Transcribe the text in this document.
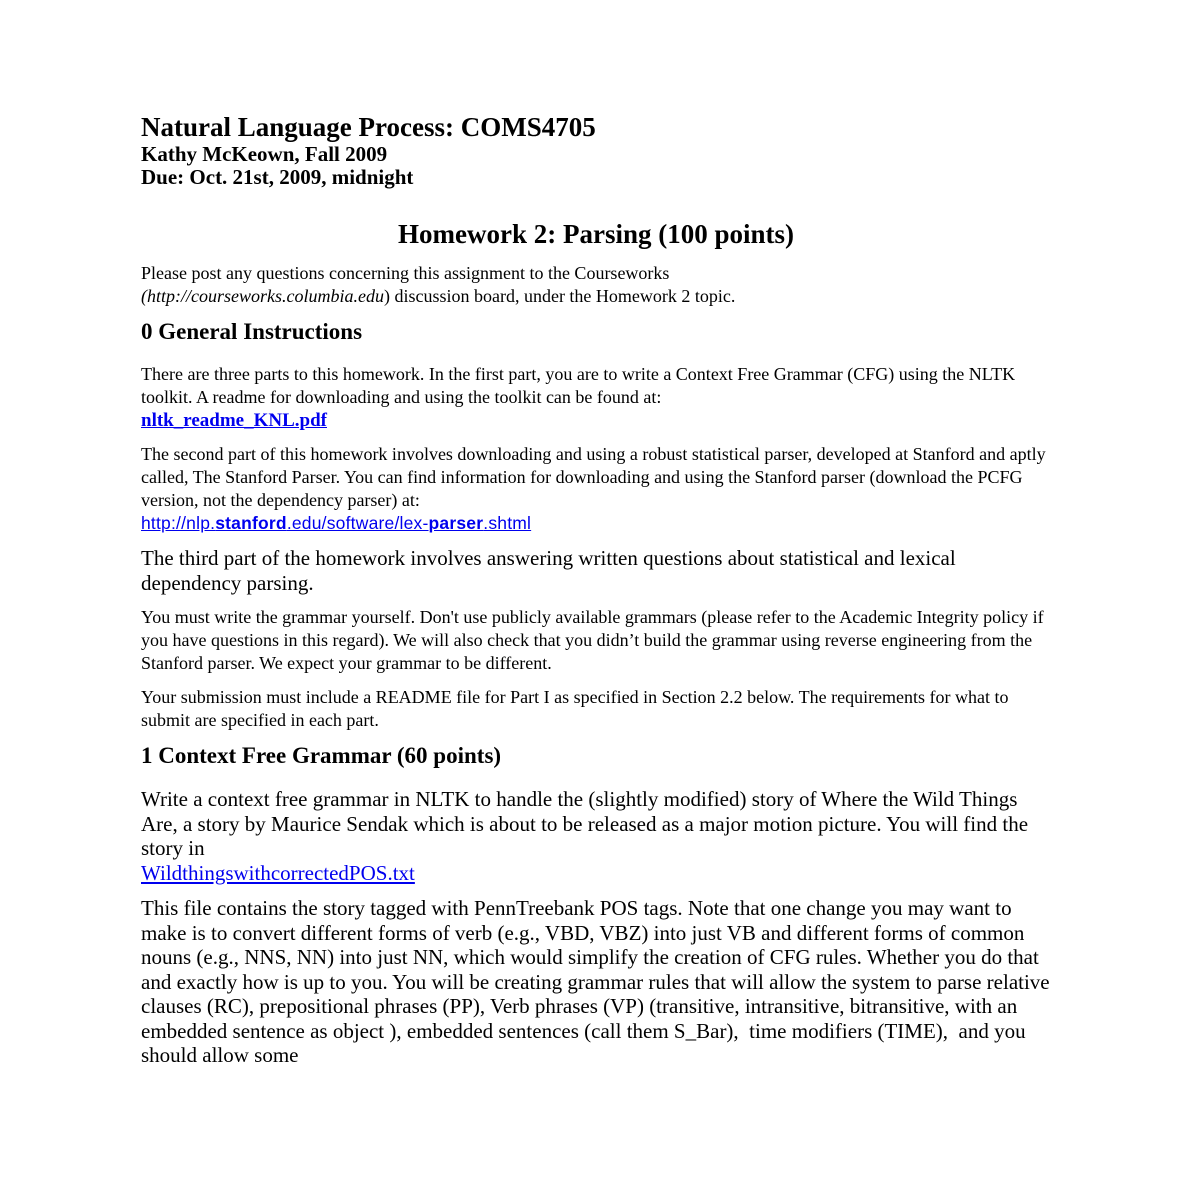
Natural Language Process: COMS4705

Kathy McKeown, Fall 2009

Due: Oct. 21st, 2009, midnight

Homework 2: Parsing (100 points)

Please post any questions concerning this assignment to the Courseworks
(http://courseworks.columbia.edu) discussion board, under the Homework 2 topic.

0 General Instructions

There are three parts to this homework. In the first part, you are to write a Context Free Grammar (CFG) using the NLTK toolkit. A readme for downloading and using the toolkit can be found at:
nltk_readme_KNL.pdf

The second part of this homework involves downloading and using a robust statistical parser, developed at Stanford and aptly called, The Stanford Parser. You can find information for downloading and using the Stanford parser (download the PCFG version, not the dependency parser) at:
http://nlp.stanford.edu/software/lex-parser.shtml

The third part of the homework involves answering written questions about statistical and lexical dependency parsing.

You must write the grammar yourself. Don't use publicly available grammars (please refer to the Academic Integrity policy if you have questions in this regard). We will also check that you didn’t build the grammar using reverse engineering from the Stanford parser. We expect your grammar to be different.

Your submission must include a README file for Part I as specified in Section 2.2 below. The requirements for what to submit are specified in each part.

1 Context Free Grammar (60 points)

Write a context free grammar in NLTK to handle the (slightly modified) story of Where the Wild Things Are, a story by Maurice Sendak which is about to be released as a major motion picture. You will find the story in
WildthingswithcorrectedPOS.txt

This file contains the story tagged with PennTreebank POS tags. Note that one change you may want to make is to convert different forms of verb (e.g., VBD, VBZ) into just VB and different forms of common nouns (e.g., NNS, NN) into just NN, which would simplify the creation of CFG rules. Whether you do that and exactly how is up to you. You will be creating grammar rules that will allow the system to parse relative clauses (RC), prepositional phrases (PP), Verb phrases (VP) (transitive, intransitive, bitransitive, with an embedded sentence as object ), embedded sentences (call them S_Bar),  time modifiers (TIME),  and you should allow some
